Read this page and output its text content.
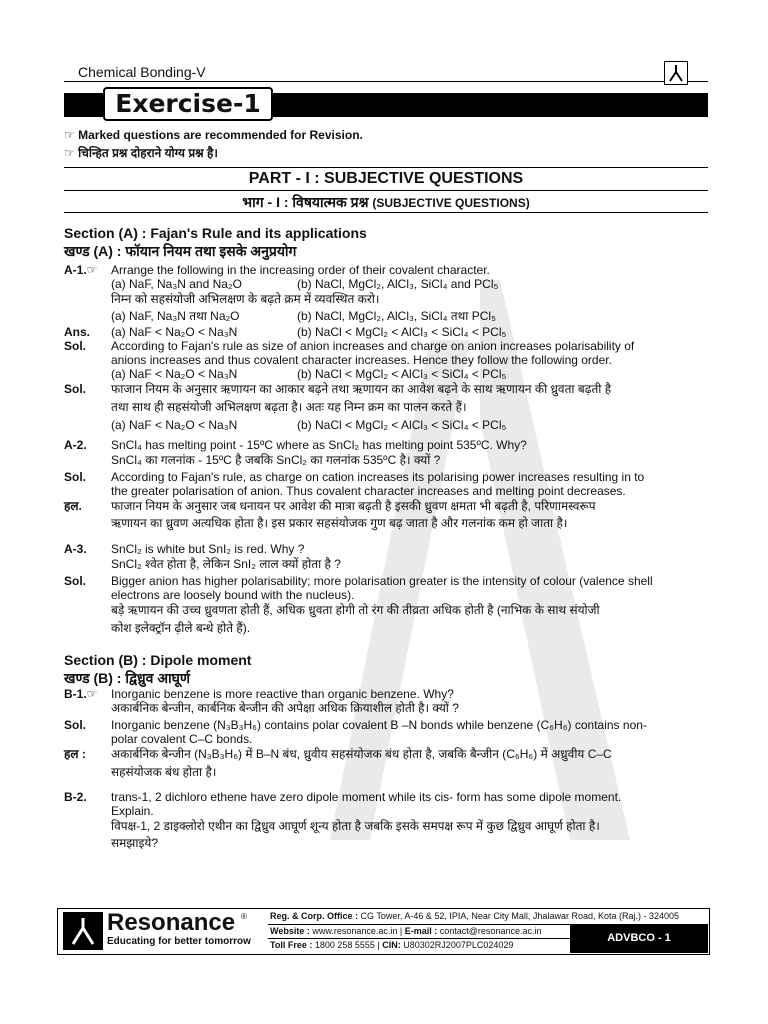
Chemical Bonding-V
Exercise-1
☞ Marked questions are recommended for Revision.
☞ चिन्हित प्रश्न दोहराने योग्य प्रश्न है।
PART - I : SUBJECTIVE QUESTIONS
भाग - I : विषयात्मक प्रश्न (SUBJECTIVE QUESTIONS)
Section (A) : Fajan's Rule and its applications
खण्ड (A) : फॉयान नियम तथा इसके अनुप्रयोग
Section (B) : Dipole moment
खण्ड (B) : द्विध्रुव आघूर्ण
A-1.☞ Arrange the following in the increasing order of their covalent character.
(a) NaF, Na₃N and Na₂O	(b) NaCl, MgCl₂, AlCl₃, SiCl₄ and PCl₅
निम्न को सहसंयोजी अभिलक्षण के बढ़ते क्रम में व्यवस्थित करो।
(a) NaF, Na₃N तथा Na₂O	(b) NaCl, MgCl₂, AlCl₃, SiCl₄ तथा PCl₅
Ans. (a) NaF < Na₂O < Na₃N	(b) NaCl < MgCl₂ < AlCl₃ < SiCl₄ < PCl₅
Sol. According to Fajan's rule as size of anion increases and charge on anion increases polarisability of
anions increases and thus covalent character increases. Hence they follow the following order.
(a) NaF < Na₂O < Na₃N	(b) NaCl < MgCl₂ < AlCl₃ < SiCl₄ < PCl₅
Sol. फाजान नियम के अनुसार ऋणायन का आकार बढ़ने तथा ऋणायन का आवेश बढ़ने के साथ ऋणायन की ध्रुवता बढ़ती है
तथा साथ ही सहसंयोजी अभिलक्षण बढ़ता है। अतः यह निम्न क्रम का पालन करते हैं।
(a) NaF < Na₂O < Na₃N	(b) NaCl < MgCl₂ < AlCl₃ < SiCl₄ < PCl₅
A-2. SnCl₄ has melting point - 15ºC where as SnCl₂ has melting point 535ºC. Why?
SnCl₄ का गलनांक - 15ºC है जबकि SnCl₂ का गलनांक 535ºC है। क्यों ?
Sol. According to Fajan's rule, as charge on cation increases its polarising power increases resulting in to
the greater polarisation of anion. Thus covalent character increases and melting point decreases.
हल. फाजान नियम के अनुसार जब धनायन पर आवेश की मात्रा बढ़ती है इसकी ध्रुवण क्षमता भी बढ़ती है, परिणामस्वरूप
ऋणायन का ध्रुवण अत्यधिक होता है। इस प्रकार सहसंयोजक गुण बढ़ जाता है और गलनांक कम हो जाता है।
A-3. SnCl₂ is white but SnI₂ is red. Why ?
SnCl₂ श्वेत होता है, लेकिन SnI₂ लाल क्यों होता है ?
Sol. Bigger anion has higher polarisability; more polarisation greater is the intensity of colour (valence shell
electrons are loosely bound with the nucleus).
बड़े ऋणायन की उच्च ध्रुवणता होती हैं, अधिक ध्रुवता होगी तो रंग की तीव्रता अधिक होती है (नाभिक के साथ संयोजी
कोश इलेक्ट्रॉन ढ़ीले बन्धे होते हैं).
B-1.☞ Inorganic benzene is more reactive than organic benzene. Why?
अकार्बनिक बेन्जीन, कार्बनिक बेन्जीन की अपेक्षा अधिक क्रियाशील होती है। क्यों ?
Sol. Inorganic benzene (N₃B₃H₆) contains polar covalent B –N bonds while benzene (C₆H₆) contains non-
polar covalent C–C bonds.
हल : अकार्बनिक बेन्जीन (N₃B₃H₆) में B–N बंध, ध्रुवीय सहसंयोजक बंध होता है, जबकि बैन्जीन (C₆H₆) में अध्रुवीय C–C
सहसंयोजक बंध होता है।
B-2. trans-1, 2 dichloro ethene have zero dipole moment while its cis- form has some dipole moment.
Explain.
विपक्ष-1, 2 डाइक्लोरो एथीन का द्विध्रुव आघूर्ण शून्य होता है जबकि इसके समपक्ष रूप में कुछ द्विध्रुव आघूर्ण होता है।
समझाइये?
Resonance ®
Educating for better tomorrow
Reg. & Corp. Office : CG Tower, A-46 & 52, IPIA, Near City Mall, Jhalawar Road, Kota (Raj.) - 324005
Website : www.resonance.ac.in | E-mail : contact@resonance.ac.in
Toll Free : 1800 258 5555 | CIN: U80302RJ2007PLC024029
ADVBCO - 1
